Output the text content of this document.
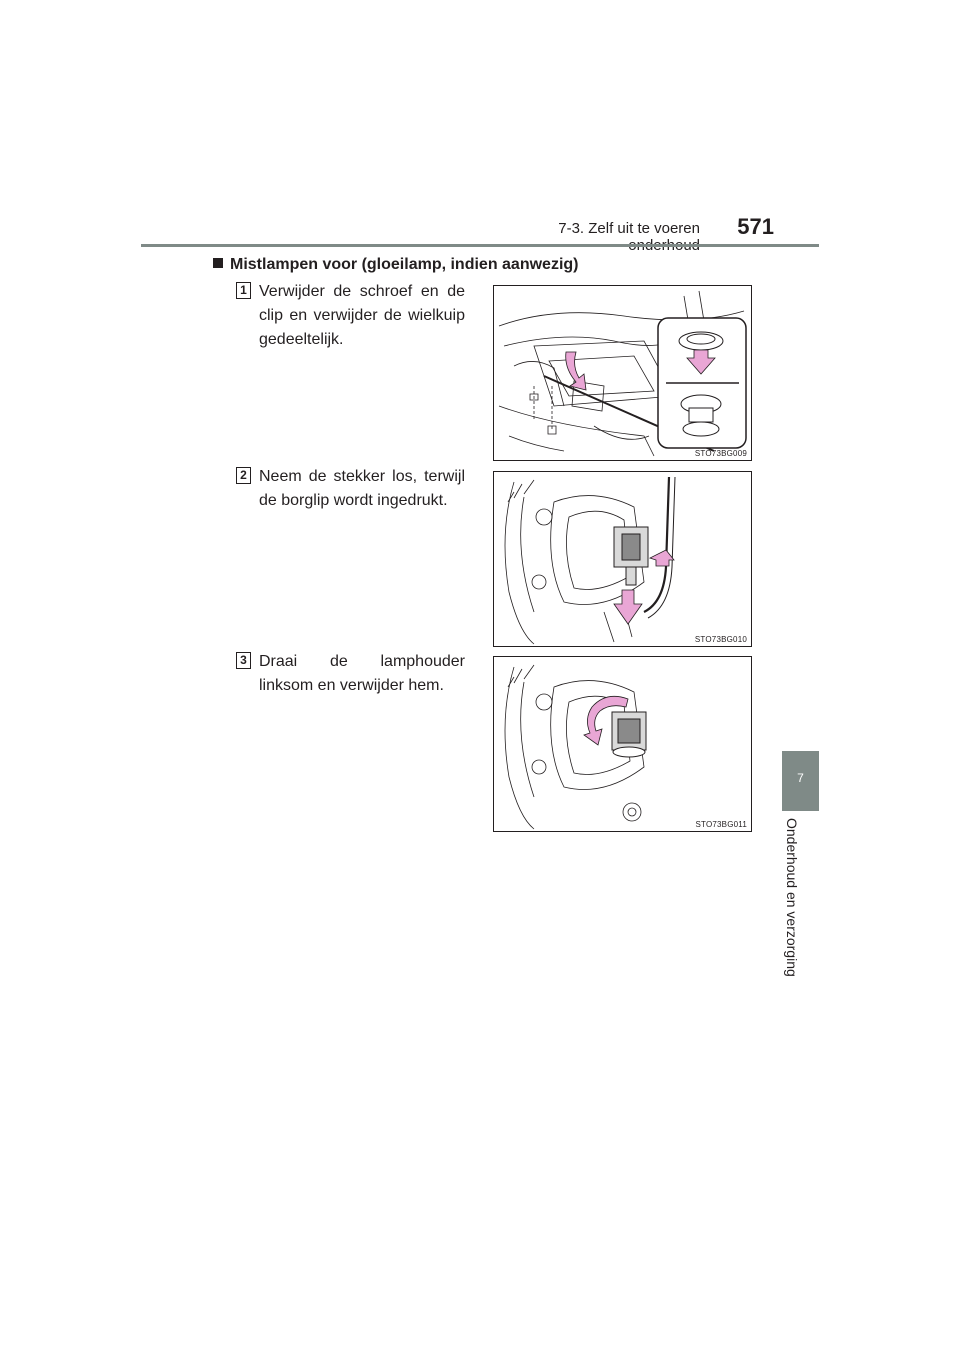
7-3. Zelf uit te voeren	571
Mistlampen voor (gloeilamp, indien aanwezig)
1 Verwijder de schroef en de clip en verwijder de wielkuip gedeeltelijk.
STO73BG009
2 Neem de stekker los, terwijl de borglip wordt ingedrukt.
STO73BG010
3 Draai de lamphouder linksom en verwijder hem.
STO73BG011
7
Onderhoud en verzorging
